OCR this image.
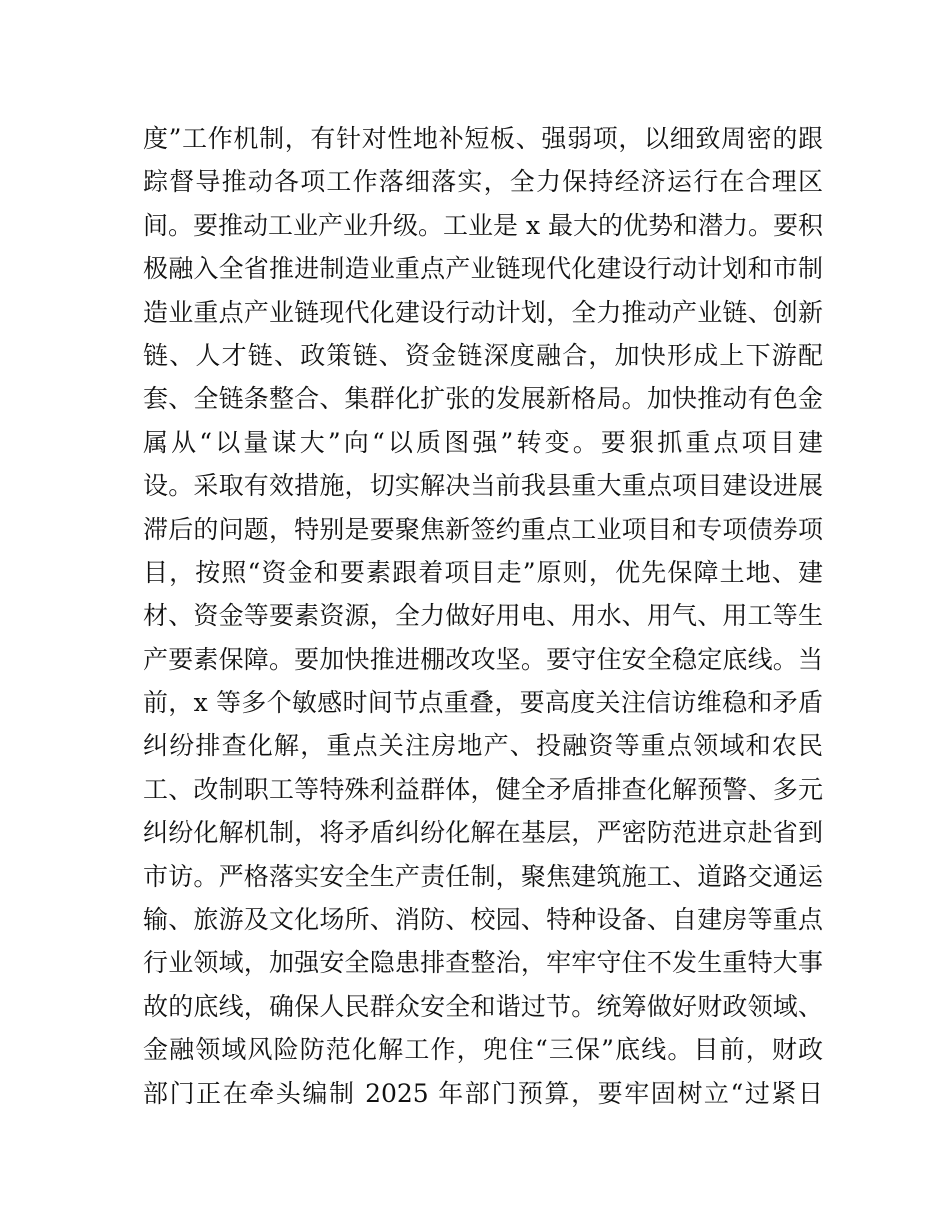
度”工作机制，有针对性地补短板、强弱项，以细致周密的跟
踪督导推动各项工作落细落实，全力保持经济运行在合理区
间。要推动工业产业升级。工业是 x 最大的优势和潜力。要积
极融入全省推进制造业重点产业链现代化建设行动计划和市制
造业重点产业链现代化建设行动计划，全力推动产业链、创新
链、人才链、政策链、资金链深度融合，加快形成上下游配
套、全链条整合、集群化扩张的发展新格局。加快推动有色金
属从“以量谋大”向“以质图强”转变。要狠抓重点项目建
设。采取有效措施，切实解决当前我县重大重点项目建设进展
滞后的问题，特别是要聚焦新签约重点工业项目和专项债券项
目，按照“资金和要素跟着项目走”原则，优先保障土地、建
材、资金等要素资源，全力做好用电、用水、用气、用工等生
产要素保障。要加快推进棚改攻坚。要守住安全稳定底线。当
前，x 等多个敏感时间节点重叠，要高度关注信访维稳和矛盾
纠纷排查化解，重点关注房地产、投融资等重点领域和农民
工、改制职工等特殊利益群体，健全矛盾排查化解预警、多元
纠纷化解机制，将矛盾纠纷化解在基层，严密防范进京赴省到
市访。严格落实安全生产责任制，聚焦建筑施工、道路交通运
输、旅游及文化场所、消防、校园、特种设备、自建房等重点
行业领域，加强安全隐患排查整治，牢牢守住不发生重特大事
故的底线，确保人民群众安全和谐过节。统筹做好财政领域、
金融领域风险防范化解工作，兜住“三保”底线。目前，财政
部门正在牵头编制 2025 年部门预算，要牢固树立“过紧日
